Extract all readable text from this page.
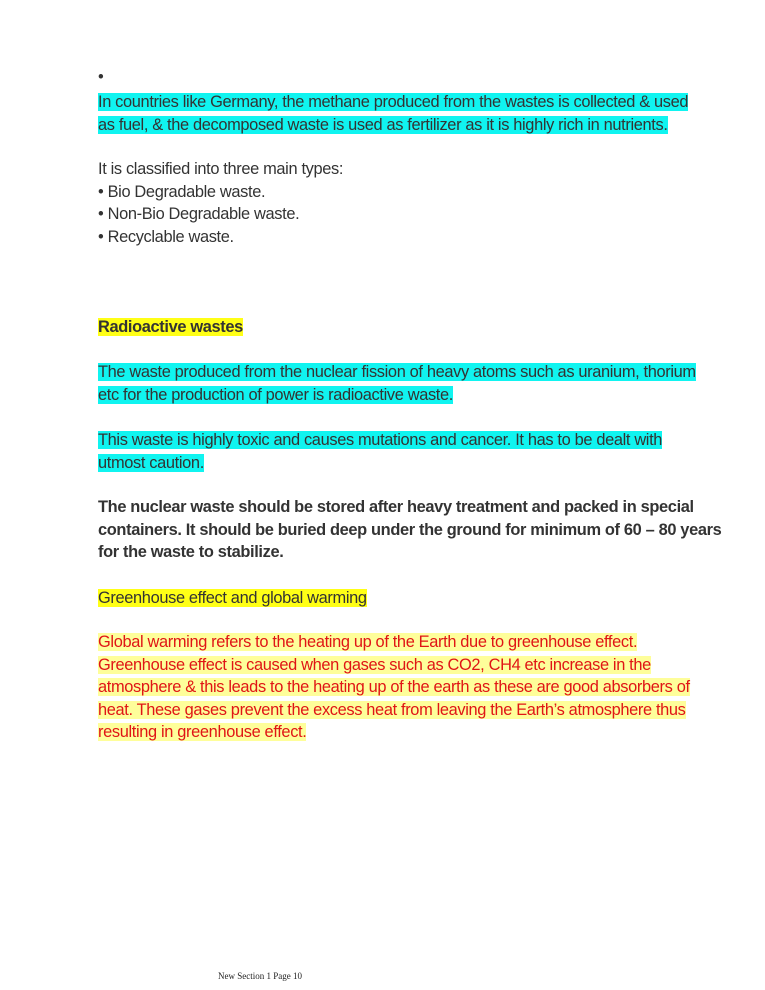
•
In countries like Germany, the methane produced from the wastes is collected & used
as fuel, & the decomposed waste is used as fertilizer as it is highly rich in nutrients.
It is classified into three main types:
• Bio Degradable waste.
• Non-Bio Degradable waste.
• Recyclable waste.
Radioactive wastes
The waste produced from the nuclear fission of heavy atoms such as uranium, thorium
etc for the production of power is radioactive waste.
This waste is highly toxic and causes mutations and cancer. It has to be dealt with
utmost caution.
The nuclear waste should be stored after heavy treatment and packed in special
containers. It should be buried deep under the ground for minimum of 60 – 80 years
for the waste to stabilize.
Greenhouse effect and global warming
Global warming refers to the heating up of the Earth due to greenhouse effect.
Greenhouse effect is caused when gases such as CO2, CH4 etc increase in the
atmosphere & this leads to the heating up of the earth as these are good absorbers of
heat. These gases prevent the excess heat from leaving the Earth’s atmosphere thus
resulting in greenhouse effect.
New Section 1 Page 10
